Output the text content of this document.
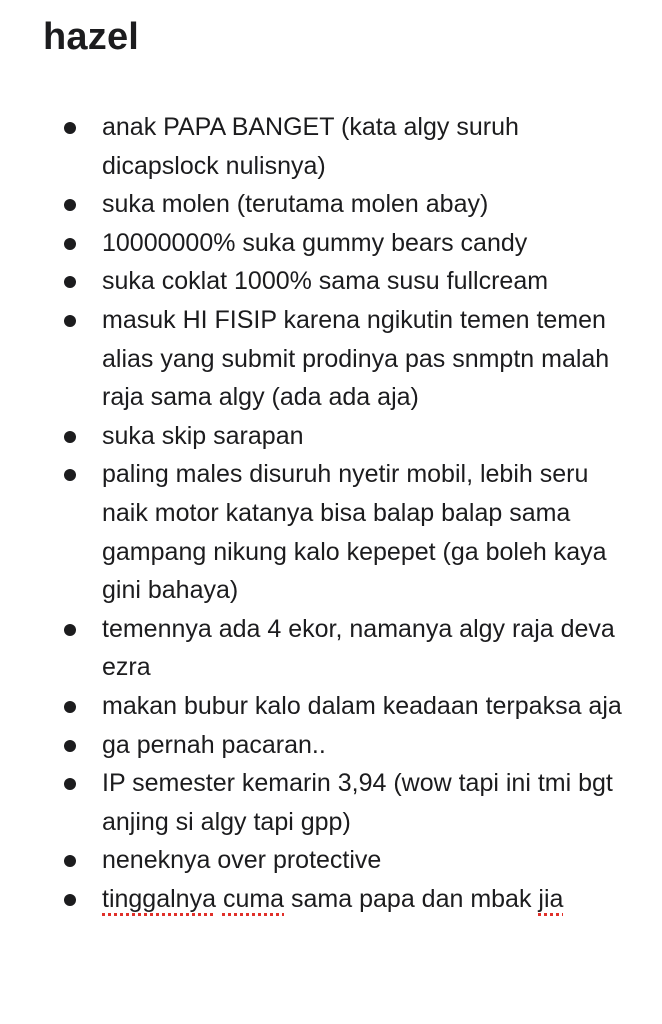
hazel
anak PAPA BANGET (kata algy suruh dicapslock nulisnya)
suka molen (terutama molen abay)
10000000% suka gummy bears candy
suka coklat 1000% sama susu fullcream
masuk HI FISIP karena ngikutin temen temen alias yang submit prodinya pas snmptn malah raja sama algy (ada ada aja)
suka skip sarapan
paling males disuruh nyetir mobil, lebih seru naik motor katanya bisa balap balap sama gampang nikung kalo kepepet (ga boleh kaya gini bahaya)
temennya ada 4 ekor, namanya algy raja deva ezra
makan bubur kalo dalam keadaan terpaksa aja
ga pernah pacaran..
IP semester kemarin 3,94 (wow tapi ini tmi bgt anjing si algy tapi gpp)
neneknya over protective
tinggalnya cuma sama papa dan mbak jia
